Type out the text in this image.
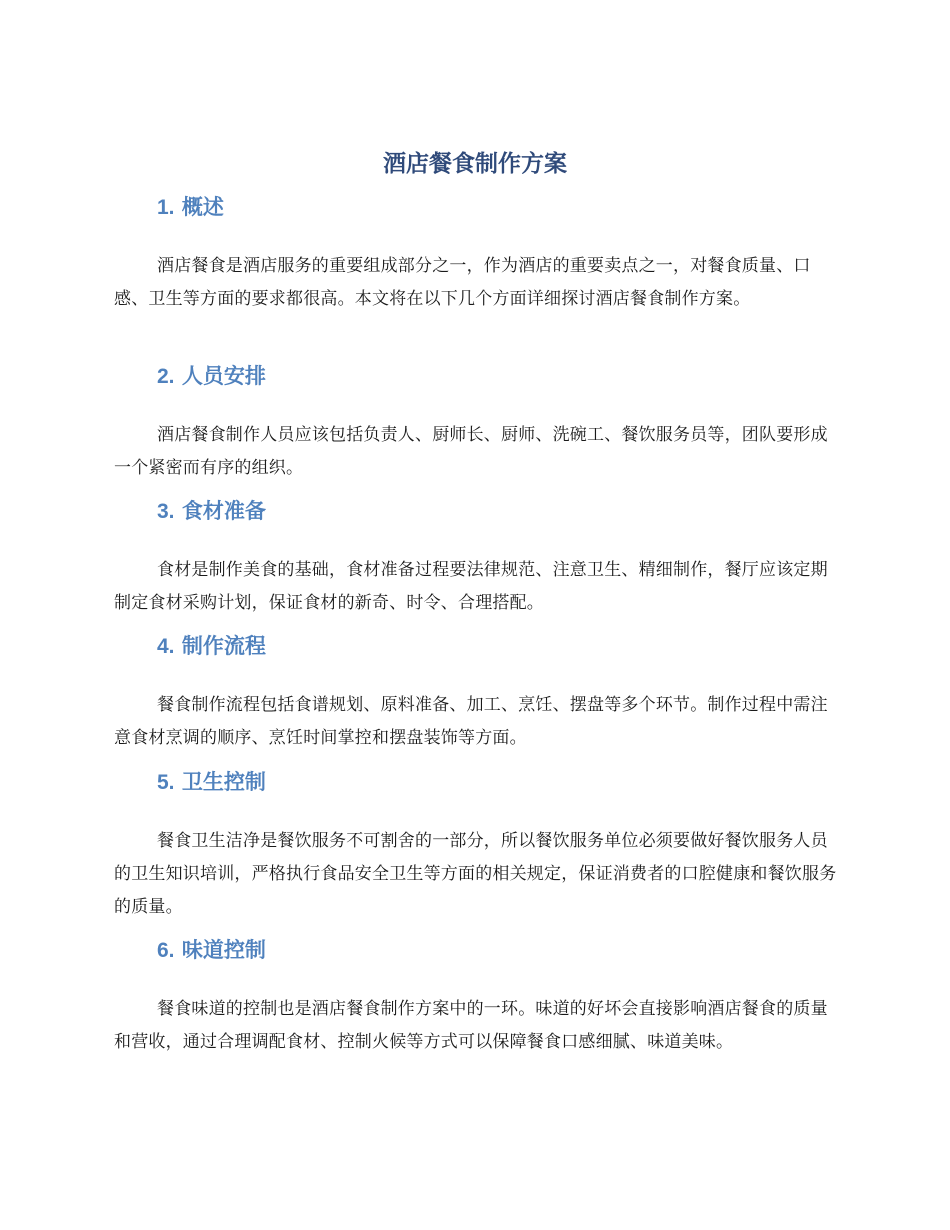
酒店餐食制作方案
1. 概述

酒店餐食是酒店服务的重要组成部分之一，作为酒店的重要卖点之一，对餐食质量、口感、卫生等方面的要求都很高。本文将在以下几个方面详细探讨酒店餐食制作方案。

2. 人员安排

酒店餐食制作人员应该包括负责人、厨师长、厨师、洗碗工、餐饮服务员等，团队要形成一个紧密而有序的组织。

3. 食材准备

食材是制作美食的基础，食材准备过程要法律规范、注意卫生、精细制作，餐厅应该定期制定食材采购计划，保证食材的新奇、时令、合理搭配。

4. 制作流程

餐食制作流程包括食谱规划、原料准备、加工、烹饪、摆盘等多个环节。制作过程中需注意食材烹调的顺序、烹饪时间掌控和摆盘装饰等方面。

5. 卫生控制

餐食卫生洁净是餐饮服务不可割舍的一部分，所以餐饮服务单位必须要做好餐饮服务人员的卫生知识培训，严格执行食品安全卫生等方面的相关规定，保证消费者的口腔健康和餐饮服务的质量。

6. 味道控制

餐食味道的控制也是酒店餐食制作方案中的一环。味道的好坏会直接影响酒店餐食的质量和营收，通过合理调配食材、控制火候等方式可以保障餐食口感细腻、味道美味。
